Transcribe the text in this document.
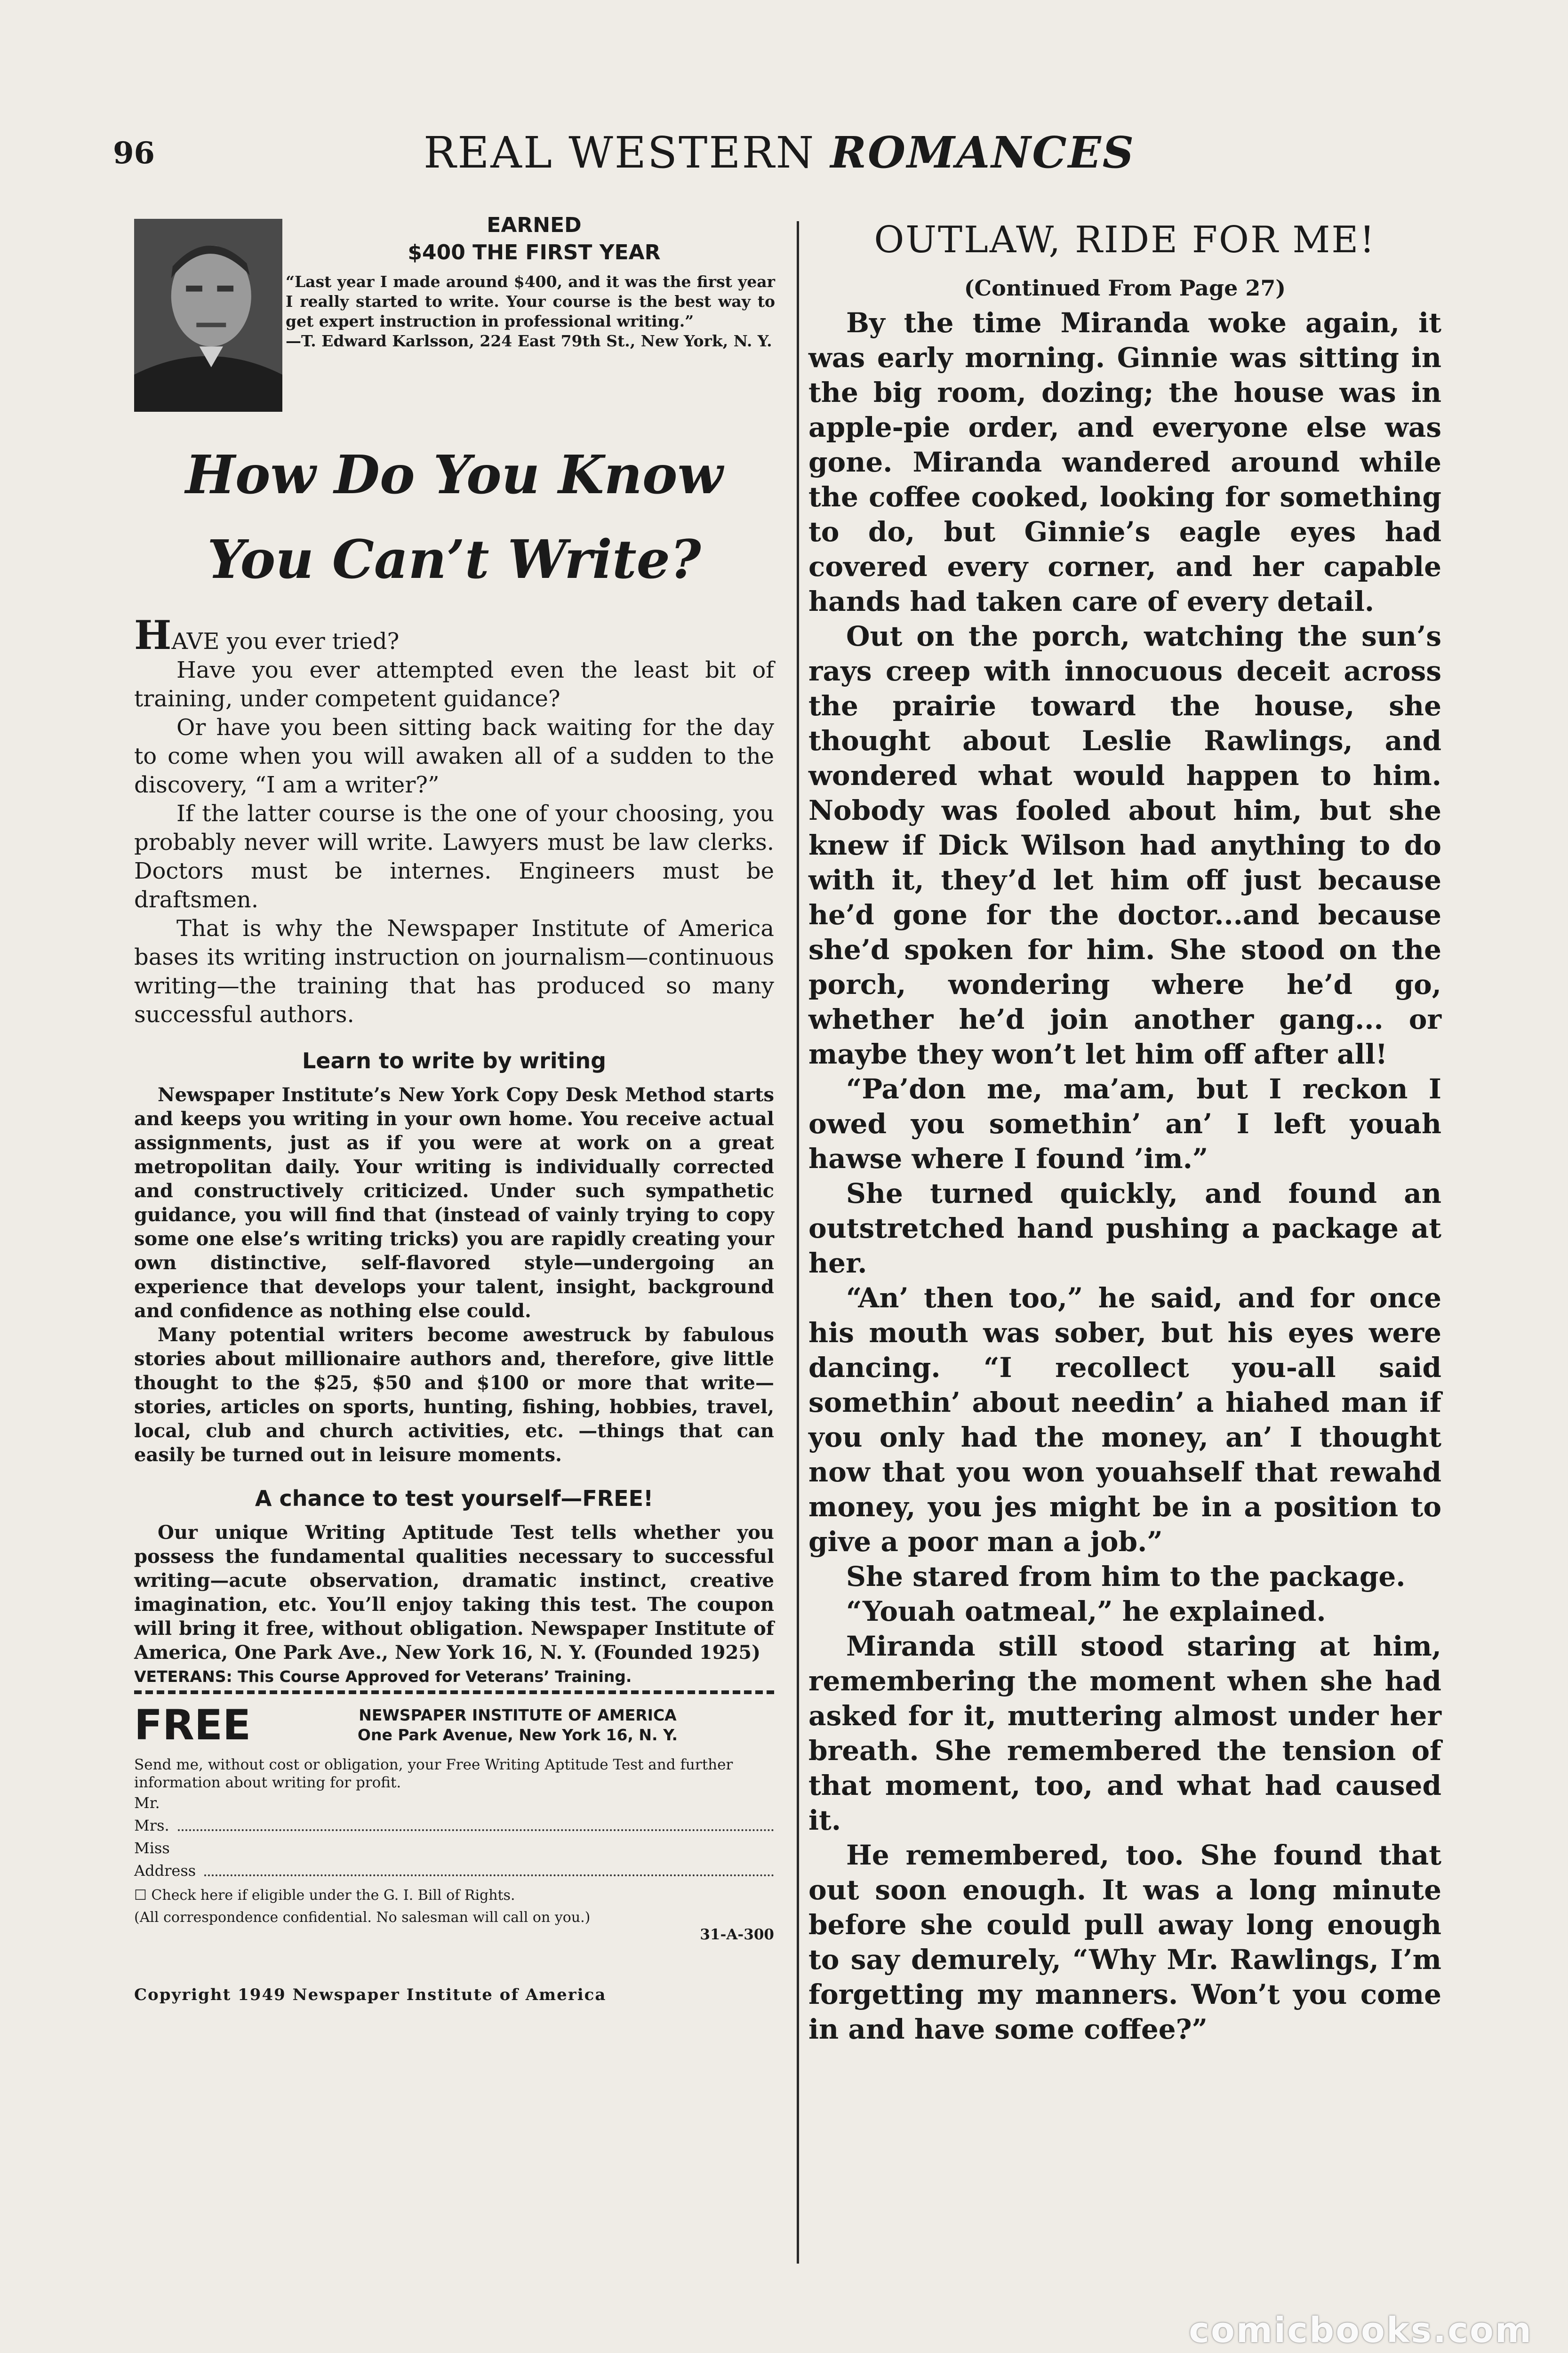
96	REAL WESTERN ROMANCES
EARNED
$400 THE FIRST YEAR
“Last year I made around $400, and it was the first year I really started to write. Your course is the best way to get expert instruction in professional writing.”
—T. Edward Karlsson, 224 East 79th St., New York, N. Y.
How Do You Know
You Can’t Write?

HAVE you ever tried?

Have you ever attempted even the least bit of training, under competent guidance?

Or have you been sitting back waiting for the day to come when you will awaken all of a sudden to the discovery, “I am a writer?”

If the latter course is the one of your choosing, you probably never will write. Lawyers must be law clerks. Doctors must be internes. Engineers must be draftsmen.

That is why the Newspaper Institute of America bases its writing instruction on journalism—continuous writing—the training that has produced so many successful authors.

Learn to write by writing

Newspaper Institute’s New York Copy Desk Method starts and keeps you writing in your own home. You receive actual assignments, just as if you were at work on a great metropolitan daily. Your writing is individually corrected and constructively criticized. Under such sympathetic guidance, you will find that (instead of vainly trying to copy some one else’s writing tricks) you are rapidly creating your own distinctive, self-flavored style—undergoing an experience that develops your talent, insight, background and confidence as nothing else could.

Many potential writers become awestruck by fabulous stories about millionaire authors and, therefore, give little thought to the $25, $50 and $100 or more that write—stories, articles on sports, hunting, fishing, hobbies, travel, local, club and church activities, etc. —things that can easily be turned out in leisure moments.

A chance to test yourself—FREE!

Our unique Writing Aptitude Test tells whether you possess the fundamental qualities necessary to successful writing—acute observation, dramatic instinct, creative imagination, etc. You’ll enjoy taking this test. The coupon will bring it free, without obligation. Newspaper Institute of America, One Park Ave., New York 16, N. Y. (Founded 1925)

VETERANS: This Course Approved for Veterans’ Training.
FREE	NEWSPAPER INSTITUTE OF AMERICA
One Park Avenue, New York 16, N. Y.
Send me, without cost or obligation, your Free Writing Aptitude Test and further information about writing for profit.
Mr.
Mrs.
Miss
Address
☐ Check here if eligible under the G. I. Bill of Rights.
(All correspondence confidential. No salesman will call on you.)
31-A-300
Copyright 1949 Newspaper Institute of America
OUTLAW, RIDE FOR ME!
(Continued From Page 27)

By the time Miranda woke again, it was early morning. Ginnie was sitting in the big room, dozing; the house was in apple-pie order, and everyone else was gone. Miranda wandered around while the coffee cooked, looking for something to do, but Ginnie’s eagle eyes had covered every corner, and her capable hands had taken care of every detail.

Out on the porch, watching the sun’s rays creep with innocuous deceit across the prairie toward the house, she thought about Leslie Rawlings, and wondered what would happen to him. Nobody was fooled about him, but she knew if Dick Wilson had anything to do with it, they’d let him off just because he’d gone for the doctor...and because she’d spoken for him. She stood on the porch, wondering where he’d go, whether he’d join another gang... or maybe they won’t let him off after all!

“Pa’don me, ma’am, but I reckon I owed you somethin’ an’ I left youah hawse where I found ’im.”

She turned quickly, and found an outstretched hand pushing a package at her.

“An’ then too,” he said, and for once his mouth was sober, but his eyes were dancing. “I recollect you-all said somethin’ about needin’ a hiahed man if you only had the money, an’ I thought now that you won youahself that rewahd money, you jes might be in a position to give a poor man a job.”

She stared from him to the package.

“Youah oatmeal,” he explained.

Miranda still stood staring at him, remembering the moment when she had asked for it, muttering almost under her breath. She remembered the tension of that moment, too, and what had caused it.

He remembered, too. She found that out soon enough. It was a long minute before she could pull away long enough to say demurely, “Why Mr. Rawlings, I’m forgetting my manners. Won’t you come in and have some coffee?”

comicbooks.com
